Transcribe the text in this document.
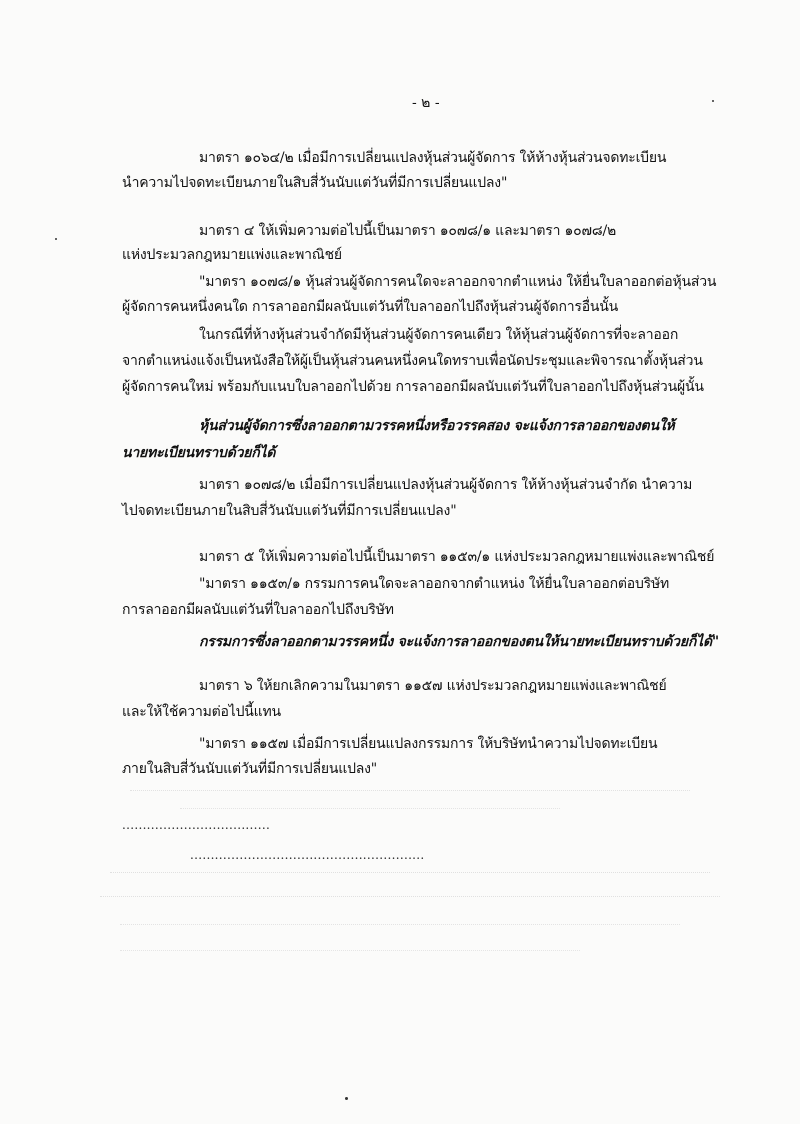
- ๒ -
มาตรา ๑๐๖๔/๒ เมื่อมีการเปลี่ยนแปลงหุ้นส่วนผู้จัดการ ให้ห้างหุ้นส่วนจดทะเบียน
นำความไปจดทะเบียนภายในสิบสี่วันนับแต่วันที่มีการเปลี่ยนแปลง"
มาตรา ๔ ให้เพิ่มความต่อไปนี้เป็นมาตรา ๑๐๗๘/๑ และมาตรา ๑๐๗๘/๒
แห่งประมวลกฎหมายแพ่งและพาณิชย์
"มาตรา ๑๐๗๘/๑ หุ้นส่วนผู้จัดการคนใดจะลาออกจากตำแหน่ง ให้ยื่นใบลาออกต่อหุ้นส่วน
ผู้จัดการคนหนึ่งคนใด การลาออกมีผลนับแต่วันที่ใบลาออกไปถึงหุ้นส่วนผู้จัดการอื่นนั้น
ในกรณีที่ห้างหุ้นส่วนจำกัดมีหุ้นส่วนผู้จัดการคนเดียว ให้หุ้นส่วนผู้จัดการที่จะลาออก
จากตำแหน่งแจ้งเป็นหนังสือให้ผู้เป็นหุ้นส่วนคนหนึ่งคนใดทราบเพื่อนัดประชุมและพิจารณาตั้งหุ้นส่วน
ผู้จัดการคนใหม่ พร้อมกับแนบใบลาออกไปด้วย การลาออกมีผลนับแต่วันที่ใบลาออกไปถึงหุ้นส่วนผู้นั้น
หุ้นส่วนผู้จัดการซึ่งลาออกตามวรรคหนึ่งหรือวรรคสอง จะแจ้งการลาออกของตนให้
นายทะเบียนทราบด้วยก็ได้
มาตรา ๑๐๗๘/๒ เมื่อมีการเปลี่ยนแปลงหุ้นส่วนผู้จัดการ ให้ห้างหุ้นส่วนจำกัด นำความ
ไปจดทะเบียนภายในสิบสี่วันนับแต่วันที่มีการเปลี่ยนแปลง"
มาตรา ๕ ให้เพิ่มความต่อไปนี้เป็นมาตรา ๑๑๕๓/๑ แห่งประมวลกฎหมายแพ่งและพาณิชย์
"มาตรา ๑๑๕๓/๑ กรรมการคนใดจะลาออกจากตำแหน่ง ให้ยื่นใบลาออกต่อบริษัท
การลาออกมีผลนับแต่วันที่ใบลาออกไปถึงบริษัท
กรรมการซึ่งลาออกตามวรรคหนึ่ง จะแจ้งการลาออกของตนให้นายทะเบียนทราบด้วยก็ได้"
มาตรา ๖ ให้ยกเลิกความในมาตรา ๑๑๕๗ แห่งประมวลกฎหมายแพ่งและพาณิชย์
และให้ใช้ความต่อไปนี้แทน
"มาตรา ๑๑๕๗ เมื่อมีการเปลี่ยนแปลงกรรมการ ให้บริษัทนำความไปจดทะเบียน
ภายในสิบสี่วันนับแต่วันที่มีการเปลี่ยนแปลง"
....................................
.........................................................
